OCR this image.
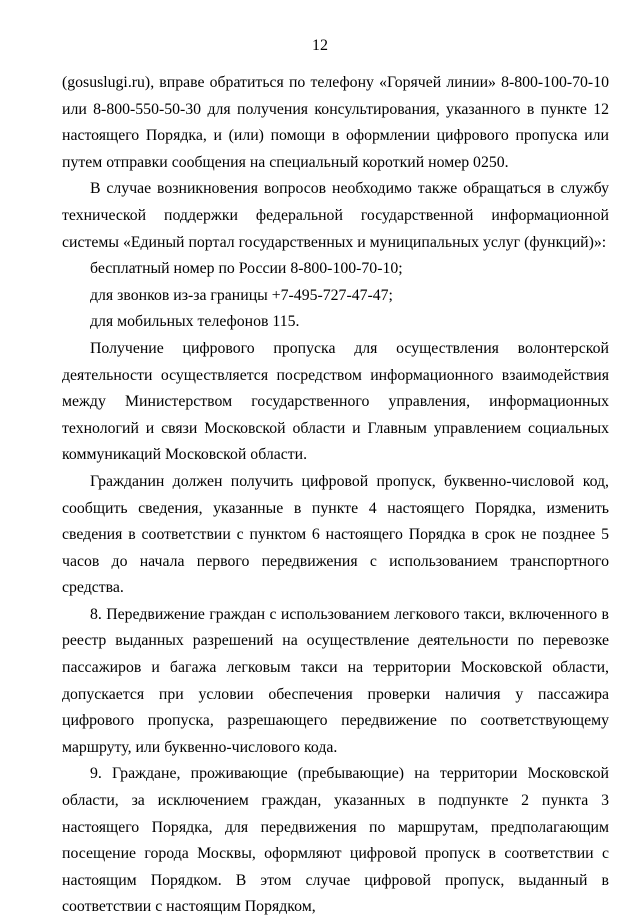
12

(gosuslugi.ru), вправе обратиться по телефону «Горячей линии» 8-800-100-70-10 или 8-800-550-50-30 для получения консультирования, указанного в пункте 12 настоящего Порядка, и (или) помощи в оформлении цифрового пропуска или путем отправки сообщения на специальный короткий номер 0250.

В случае возникновения вопросов необходимо также обращаться в службу технической поддержки федеральной государственной информационной системы «Единый портал государственных и муниципальных услуг (функций)»:

бесплатный номер по России 8-800-100-70-10;

для звонков из-за границы +7-495-727-47-47;

для мобильных телефонов 115.

Получение цифрового пропуска для осуществления волонтерской деятельности осуществляется посредством информационного взаимодействия между Министерством государственного управления, информационных технологий и связи Московской области и Главным управлением социальных коммуникаций Московской области.

Гражданин должен получить цифровой пропуск, буквенно-числовой код, сообщить сведения, указанные в пункте 4 настоящего Порядка, изменить сведения в соответствии с пунктом 6 настоящего Порядка в срок не позднее 5 часов до начала первого передвижения с использованием транспортного средства.

8. Передвижение граждан с использованием легкового такси, включенного в реестр выданных разрешений на осуществление деятельности по перевозке пассажиров и багажа легковым такси на территории Московской области, допускается при условии обеспечения проверки наличия у пассажира цифрового пропуска, разрешающего передвижение по соответствующему маршруту, или буквенно-числового кода.

9. Граждане, проживающие (пребывающие) на территории Московской области, за исключением граждан, указанных в подпункте 2 пункта 3 настоящего Порядка, для передвижения по маршрутам, предполагающим посещение города Москвы, оформляют цифровой пропуск в соответствии с настоящим Порядком. В этом случае цифровой пропуск, выданный в соответствии с настоящим Порядком,
